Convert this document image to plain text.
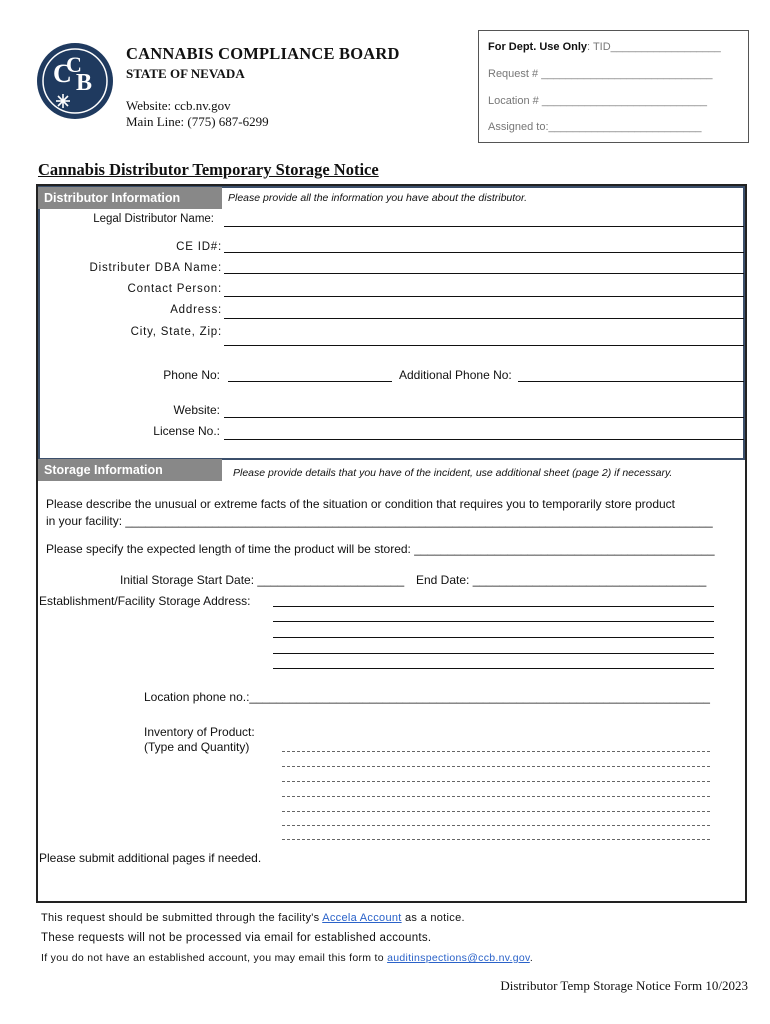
C
C
B
CANNABIS COMPLIANCE BOARD
STATE OF NEVADA
Website: ccb.nv.gov
Main Line: (775) 687-6299
For Dept. Use Only: TID__________________
Request # ____________________________
Location # ___________________________
Assigned to:_________________________
Cannabis Distributor Temporary Storage Notice
Distributor Information	Please provide all the information you have about the distributor.
Legal Distributor Name:
CE ID#:
Distributer DBA Name:
Contact Person:
Address:
City, State, Zip:
Phone No:	Additional Phone No:
Website:
License No.:
Storage Information	Please provide details that you have of the incident, use additional sheet (page 2) if necessary.
Please describe the unusual or extreme facts of the situation or condition that requires you to temporarily store product
in your facility: ________________________________________________________________________________________
Please specify the expected length of time the product will be stored: _____________________________________________
Initial Storage Start Date: ______________________ End Date: ___________________________________
Establishment/Facility Storage Address:
Location phone no.:_____________________________________________________________________
Inventory of Product:
(Type and Quantity)
Please submit additional pages if needed.
This request should be submitted through the facility's Accela Account as a notice.
These requests will not be processed via email for established accounts.
If you do not have an established account, you may email this form to auditinspections@ccb.nv.gov.
Distributor Temp Storage Notice Form 10/2023
